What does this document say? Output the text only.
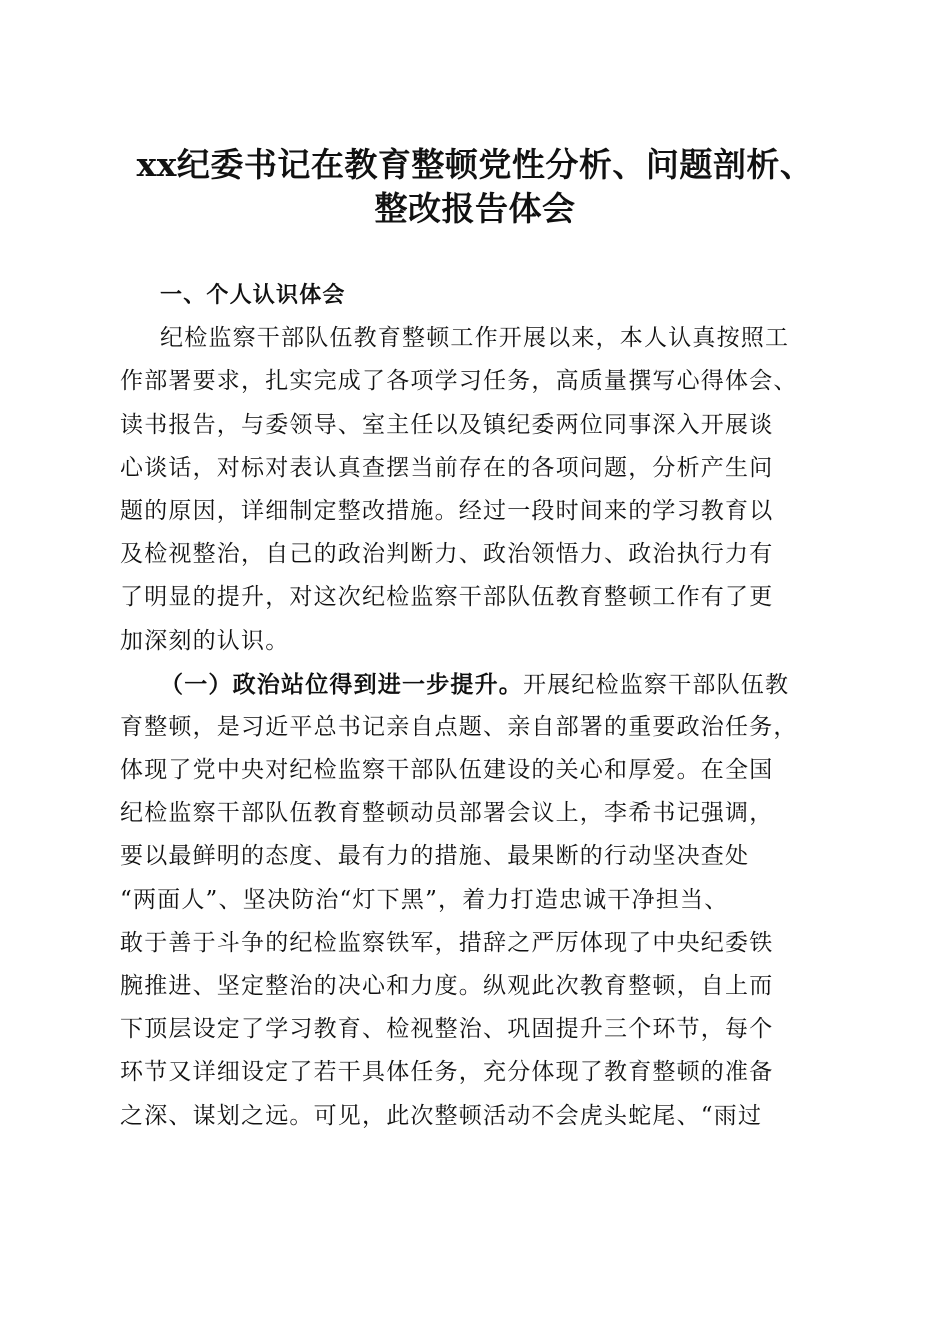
xx纪委书记在教育整顿党性分析、问题剖析、
整改报告体会
一、个人认识体会
纪检监察干部队伍教育整顿工作开展以来，本人认真按照工
作部署要求，扎实完成了各项学习任务，高质量撰写心得体会、
读书报告，与委领导、室主任以及镇纪委两位同事深入开展谈
心谈话，对标对表认真查摆当前存在的各项问题，分析产生问
题的原因，详细制定整改措施。经过一段时间来的学习教育以
及检视整治，自己的政治判断力、政治领悟力、政治执行力有
了明显的提升，对这次纪检监察干部队伍教育整顿工作有了更
加深刻的认识。
（一）政治站位得到进一步提升。开展纪检监察干部队伍教
育整顿，是习近平总书记亲自点题、亲自部署的重要政治任务，
体现了党中央对纪检监察干部队伍建设的关心和厚爱。在全国
纪检监察干部队伍教育整顿动员部署会议上，李希书记强调，
要以最鲜明的态度、最有力的措施、最果断的行动坚决查处
“两面人”、坚决防治“灯下黑”，着力打造忠诚干净担当、
敢于善于斗争的纪检监察铁军，措辞之严厉体现了中央纪委铁
腕推进、坚定整治的决心和力度。纵观此次教育整顿，自上而
下顶层设定了学习教育、检视整治、巩固提升三个环节，每个
环节又详细设定了若干具体任务，充分体现了教育整顿的准备
之深、谋划之远。可见，此次整顿活动不会虎头蛇尾、“雨过
